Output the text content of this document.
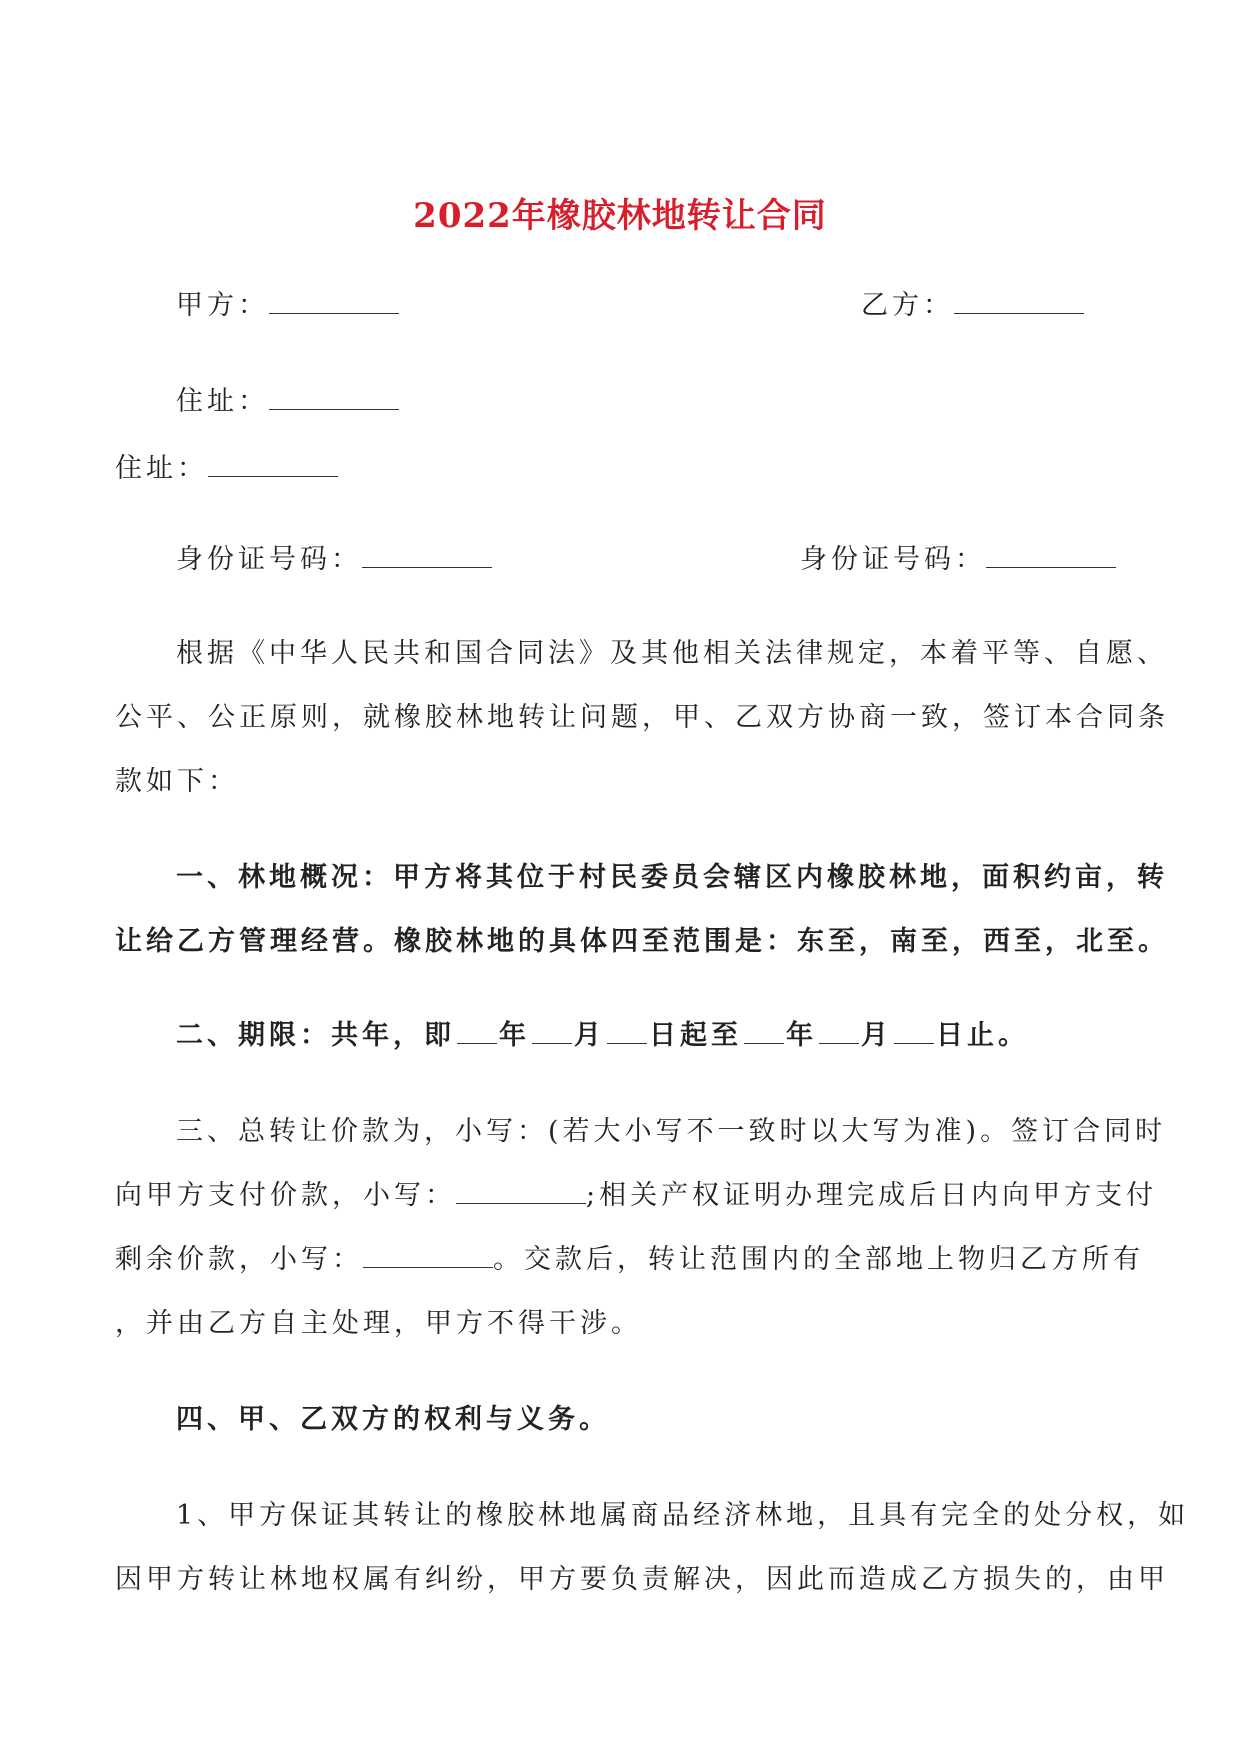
2022年橡胶林地转让合同
甲方：	乙方：
住址：
住址：
身份证号码：	身份证号码：
根据《中华人民共和国合同法》及其他相关法律规定，本着平等、自愿、
公平、公正原则，就橡胶林地转让问题，甲、乙双方协商一致，签订本合同条
款如下：
一、林地概况：甲方将其位于村民委员会辖区内橡胶林地，面积约亩，转
让给乙方管理经营。橡胶林地的具体四至范围是：东至，南至，西至，北至。
二、期限：共年，即 年 月 日起至 年 月 日止。
三、总转让价款为，小写：(若大小写不一致时以大写为准)。签订合同时
向甲方支付价款，小写：	;相关产权证明办理完成后日内向甲方支付
剩余价款，小写：	。交款后，转让范围内的全部地上物归乙方所有
，并由乙方自主处理，甲方不得干涉。
四、甲、乙双方的权利与义务。
1、甲方保证其转让的橡胶林地属商品经济林地，且具有完全的处分权，如
因甲方转让林地权属有纠纷，甲方要负责解决，因此而造成乙方损失的，由甲
